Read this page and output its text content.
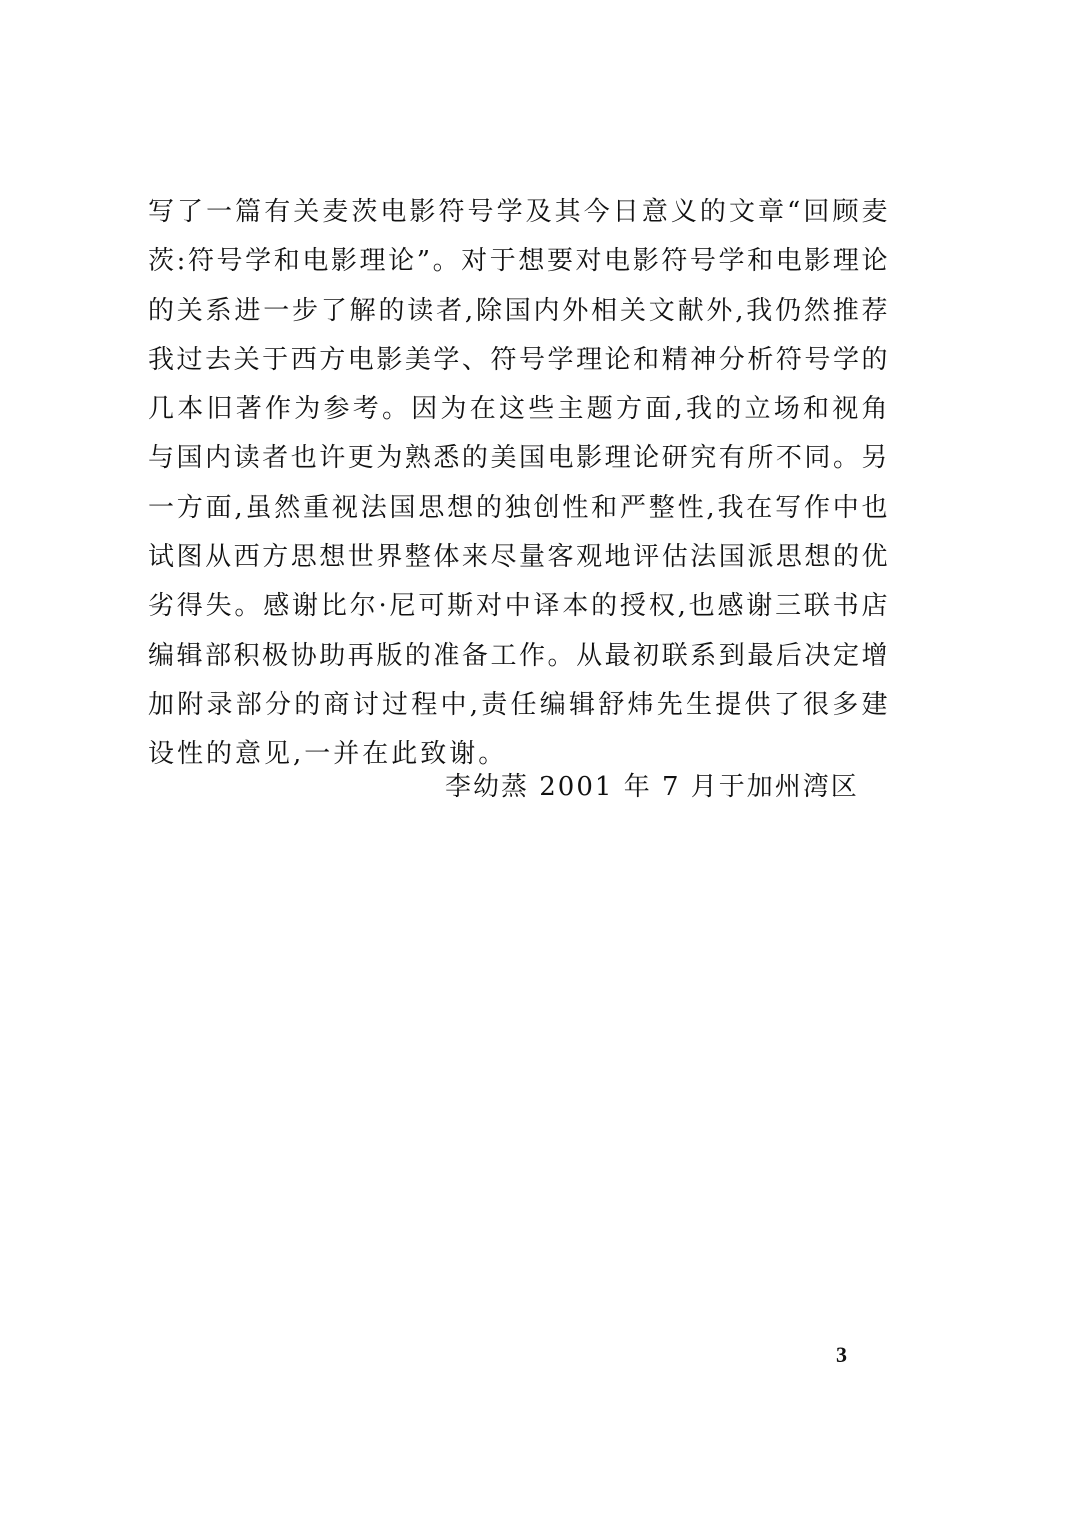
写了一篇有关麦茨电影符号学及其今日意义的文章“回顾麦
茨:符号学和电影理论”。对于想要对电影符号学和电影理论
的关系进一步了解的读者,除国内外相关文献外,我仍然推荐
我过去关于西方电影美学、符号学理论和精神分析符号学的
几本旧著作为参考。因为在这些主题方面,我的立场和视角
与国内读者也许更为熟悉的美国电影理论研究有所不同。另
一方面,虽然重视法国思想的独创性和严整性,我在写作中也
试图从西方思想世界整体来尽量客观地评估法国派思想的优
劣得失。感谢比尔·尼可斯对中译本的授权,也感谢三联书店
编辑部积极协助再版的准备工作。从最初联系到最后决定增
加附录部分的商讨过程中,责任编辑舒炜先生提供了很多建
设性的意见,一并在此致谢。
李幼蒸 2001 年 7 月于加州湾区
3
